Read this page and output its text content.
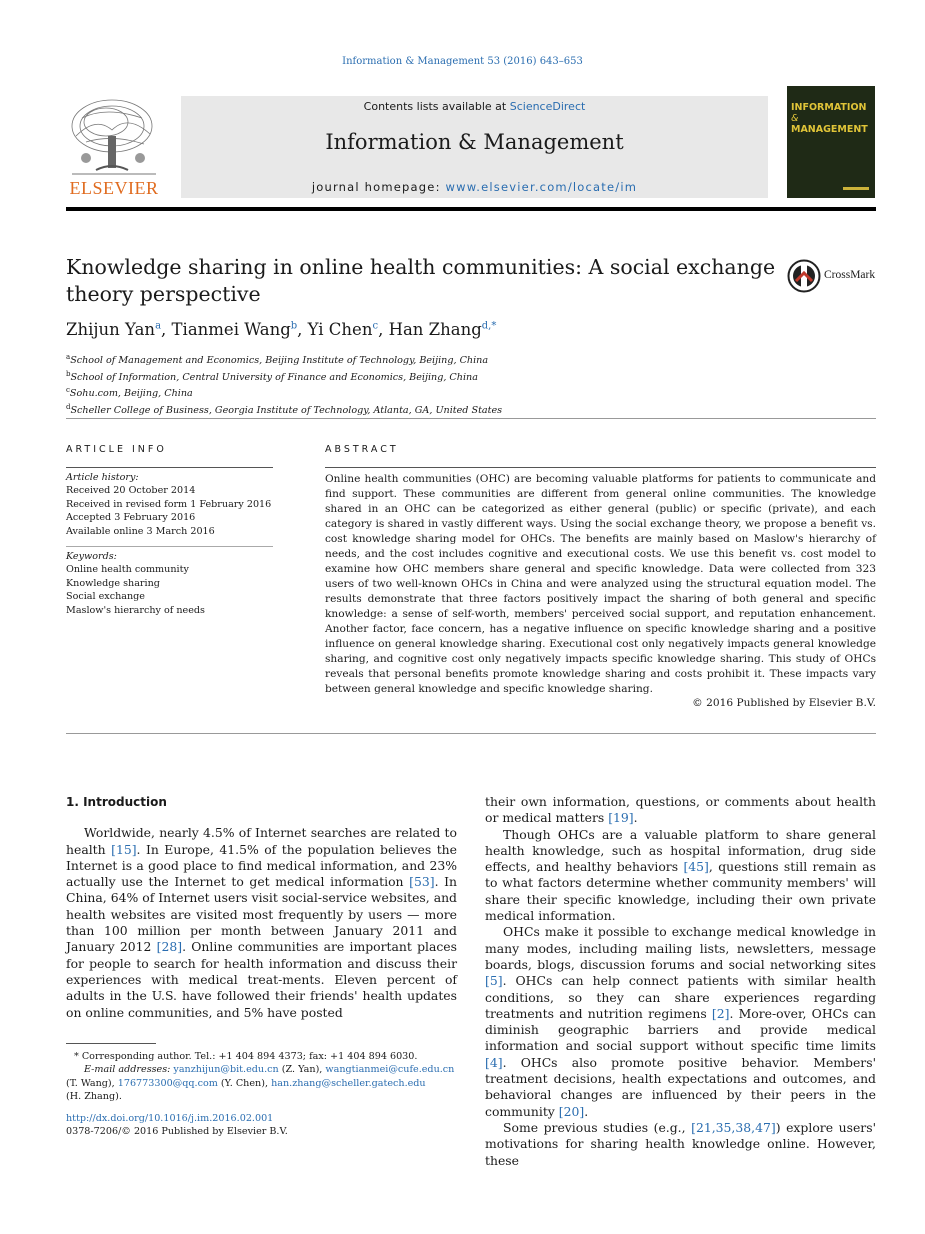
Information & Management 53 (2016) 643–653
ELSEVIER
Contents lists available at ScienceDirect
Information & Management
journal homepage: www.elsevier.com/locate/im
INFORMATION
&
MANAGEMENT
Knowledge sharing in online health communities: A social exchange theory perspective
CrossMark
Zhijun Yan$^a$, Tianmei Wang$^b$, Yi Chen$^c$, Han Zhang$^{d,*}$
$^a$School of Management and Economics, Beijing Institute of Technology, Beijing, China
$^b$School of Information, Central University of Finance and Economics, Beijing, China
$^c$Sohu.com, Beijing, China
$^d$Scheller College of Business, Georgia Institute of Technology, Atlanta, GA, United States
ARTICLE INFO
Article history:
Received 20 October 2014
Received in revised form 1 February 2016
Accepted 3 February 2016
Available online 3 March 2016
Keywords:
Online health community
Knowledge sharing
Social exchange
Maslow's hierarchy of needs
ABSTRACT
Online health communities (OHC) are becoming valuable platforms for patients to communicate and find support. These communities are different from general online communities. The knowledge shared in an OHC can be categorized as either general (public) or specific (private), and each category is shared in vastly different ways. Using the social exchange theory, we propose a benefit vs. cost knowledge sharing model for OHCs. The benefits are mainly based on Maslow's hierarchy of needs, and the cost includes cognitive and executional costs. We use this benefit vs. cost model to examine how OHC members share general and specific knowledge. Data were collected from 323 users of two well-known OHCs in China and were analyzed using the structural equation model. The results demonstrate that three factors positively impact the sharing of both general and specific knowledge: a sense of self-worth, members' perceived social support, and reputation enhancement. Another factor, face concern, has a negative influence on specific knowledge sharing and a positive influence on general knowledge sharing. Executional cost only negatively impacts general knowledge sharing, and cognitive cost only negatively impacts specific knowledge sharing. This study of OHCs reveals that personal benefits promote knowledge sharing and costs prohibit it. These impacts vary between general knowledge and specific knowledge sharing.
© 2016 Published by Elsevier B.V.
1. Introduction

Worldwide, nearly 4.5% of Internet searches are related to health [15]. In Europe, 41.5% of the population believes the Internet is a good place to find medical information, and 23% actually use the Internet to get medical information [53]. In China, 64% of Internet users visit social-service websites, and health websites are visited most frequently by users — more than 100 million per month between January 2011 and January 2012 [28]. Online communities are important places for people to search for health information and discuss their experiences with medical treat-ments. Eleven percent of adults in the U.S. have followed their friends' health updates on online communities, and 5% have posted

their own information, questions, or comments about health or medical matters [19].

Though OHCs are a valuable platform to share general health knowledge, such as hospital information, drug side effects, and healthy behaviors [45], questions still remain as to what factors determine whether community members' will share their specific knowledge, including their own private medical information.

OHCs make it possible to exchange medical knowledge in many modes, including mailing lists, newsletters, message boards, blogs, discussion forums and social networking sites [5]. OHCs can help connect patients with similar health conditions, so they can share experiences regarding treatments and nutrition regimens [2]. More-over, OHCs can diminish geographic barriers and provide medical information and social support without specific time limits [4]. OHCs also promote positive behavior. Members' treatment decisions, health expectations and outcomes, and behavioral changes are influenced by their peers in the community [20].

Some previous studies (e.g., [21,35,38,47]) explore users' motivations for sharing health knowledge online. However, these

* Corresponding author. Tel.: +1 404 894 4373; fax: +1 404 894 6030.
E-mail addresses: yanzhijun@bit.edu.cn (Z. Yan), wangtianmei@cufe.edu.cn
(T. Wang), 176773300@qq.com (Y. Chen), han.zhang@scheller.gatech.edu
(H. Zhang).
http://dx.doi.org/10.1016/j.im.2016.02.001
0378-7206/© 2016 Published by Elsevier B.V.
